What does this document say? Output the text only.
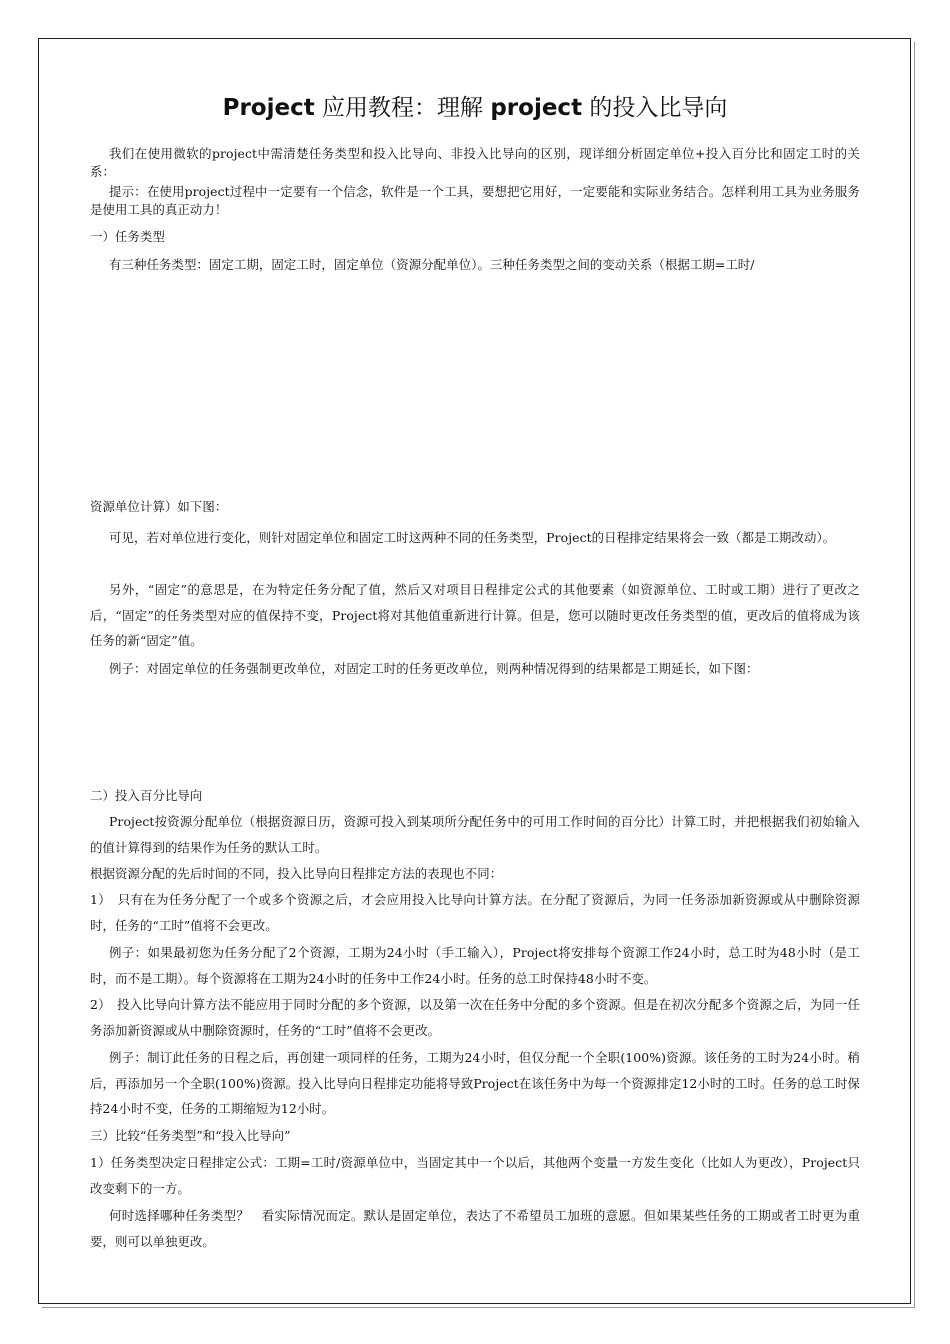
Project 应用教程：理解 project 的投入比导向

我们在使用微软的project中需清楚任务类型和投入比导向、非投入比导向的区别，现详细分析固定单位+投入百分比和固定工时的关系：

提示：在使用project过程中一定要有一个信念，软件是一个工具，要想把它用好，一定要能和实际业务结合。怎样利用工具为业务服务是使用工具的真正动力！

一）任务类型

有三种任务类型：固定工期，固定工时，固定单位（资源分配单位）。三种任务类型之间的变动关系（根据工期=工时/

资源单位计算）如下图：

可见，若对单位进行变化，则针对固定单位和固定工时这两种不同的任务类型，Project的日程排定结果将会一致（都是工期改动）。

另外，“固定”的意思是，在为特定任务分配了值，然后又对项目日程排定公式的其他要素（如资源单位、工时或工期）进行了更改之后，“固定”的任务类型对应的值保持不变，Project将对其他值重新进行计算。但是，您可以随时更改任务类型的值，更改后的值将成为该任务的新“固定”值。

例子：对固定单位的任务强制更改单位，对固定工时的任务更改单位，则两种情况得到的结果都是工期延长，如下图：

二）投入百分比导向

Project按资源分配单位（根据资源日历，资源可投入到某项所分配任务中的可用工作时间的百分比）计算工时，并把根据我们初始输入的值计算得到的结果作为任务的默认工时。

根据资源分配的先后时间的不同，投入比导向日程排定方法的表现也不同：

1）　只有在为任务分配了一个或多个资源之后，才会应用投入比导向计算方法。在分配了资源后，为同一任务添加新资源或从中删除资源时，任务的“工时”值将不会更改。

例子：如果最初您为任务分配了2个资源，工期为24小时（手工输入），Project将安排每个资源工作24小时，总工时为48小时（是工时，而不是工期）。每个资源将在工期为24小时的任务中工作24小时。任务的总工时保持48小时不变。

2）　投入比导向计算方法不能应用于同时分配的多个资源，以及第一次在任务中分配的多个资源。但是在初次分配多个资源之后，为同一任务添加新资源或从中删除资源时，任务的“工时”值将不会更改。

例子：制订此任务的日程之后，再创建一项同样的任务，工期为24小时，但仅分配一个全职(100%)资源。该任务的工时为24小时。稍后，再添加另一个全职(100%)资源。投入比导向日程排定功能将导致Project在该任务中为每一个资源排定12小时的工时。任务的总工时保持24小时不变，任务的工期缩短为12小时。

三）比较“任务类型”和“投入比导向”

1）任务类型决定日程排定公式：工期=工时/资源单位中，当固定其中一个以后，其他两个变量一方发生变化（比如人为更改），Project只改变剩下的一方。

何时选择哪种任务类型？　看实际情况而定。默认是固定单位，表达了不希望员工加班的意愿。但如果某些任务的工期或者工时更为重要，则可以单独更改。
